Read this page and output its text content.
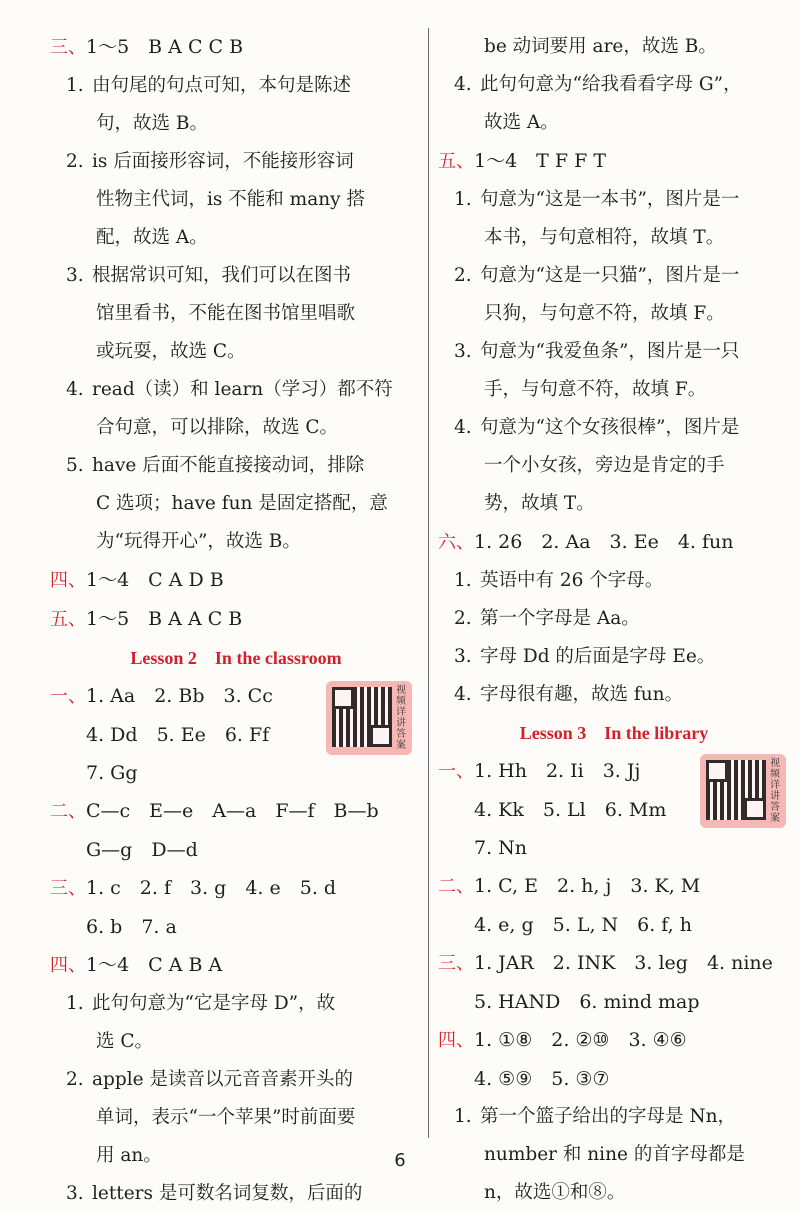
三、1～5　B A C C B
1. 由句尾的句点可知，本句是陈述
句，故选 B。
2. is 后面接形容词，不能接形容词
性物主代词，is 不能和 many 搭
配，故选 A。
3. 根据常识可知，我们可以在图书
馆里看书，不能在图书馆里唱歌
或玩耍，故选 C。
4. read（读）和 learn（学习）都不符
合句意，可以排除，故选 C。
5. have 后面不能直接接动词，排除
C 选项；have fun 是固定搭配，意
为“玩得开心”，故选 B。
四、1～4　C A D B
五、1～5　B A A C B
Lesson 2 In the classroom
一、1. Aa　2. Bb　3. Cc
4. Dd　5. Ee　6. Ff
7. Gg
视频详讲答案
二、C—c　E—e　A—a　F—f　B—b
G—g　D—d
三、1. c　2. f　3. g　4. e　5. d
6. b　7. a
四、1～4　C A B A
1. 此句句意为“它是字母 D”，故
选 C。
2. apple 是读音以元音音素开头的
单词，表示“一个苹果”时前面要
用 an。
3. letters 是可数名词复数，后面的
be 动词要用 are，故选 B。
4. 此句句意为“给我看看字母 G”，
故选 A。
五、1～4　T F F T
1. 句意为“这是一本书”，图片是一
本书，与句意相符，故填 T。
2. 句意为“这是一只猫”，图片是一
只狗，与句意不符，故填 F。
3. 句意为“我爱鱼条”，图片是一只
手，与句意不符，故填 F。
4. 句意为“这个女孩很棒”，图片是
一个小女孩，旁边是肯定的手
势，故填 T。
六、1. 26　2. Aa　3. Ee　4. fun
1. 英语中有 26 个字母。
2. 第一个字母是 Aa。
3. 字母 Dd 的后面是字母 Ee。
4. 字母很有趣，故选 fun。
Lesson 3 In the library
一、1. Hh　2. Ii　3. Jj
4. Kk　5. Ll　6. Mm
7. Nn
视频详讲答案
二、1. C, E　2. h, j　3. K, M
4. e, g　5. L, N　6. f, h
三、1. JAR　2. INK　3. leg　4. nine
5. HAND　6. mind map
四、1. ①⑧　2. ②⑩　3. ④⑥
4. ⑤⑨　5. ③⑦
1. 第一个篮子给出的字母是 Nn，
number 和 nine 的首字母都是
n，故选①和⑧。
6
